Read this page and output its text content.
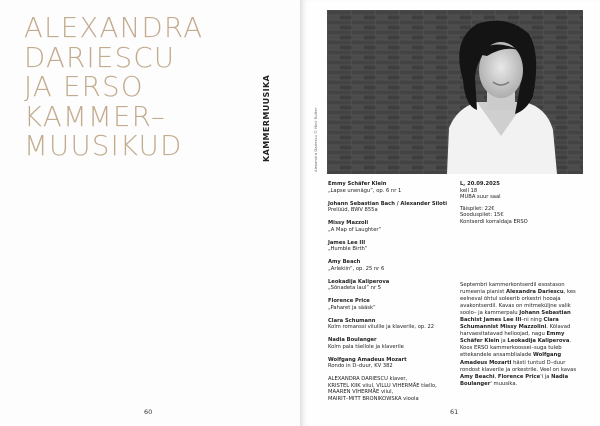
ALEXANDRA
DARIESCU
JA ERSO
KAMMER–
MUUSIKUD
60
KAMMERMUUSIKA	Alexandra Dariescu © Nick Rutter
Emmy Schäfer Klein
„Lapse unenägu“, op. 6 nr 1
Johann Sebastian Bach / Alexander Siloti
Prelüüd, BWV 855a
Missy Mazzoli
„A Map of Laughter“
James Lee III
„Humble Birth“
Amy Beach
„Arlekiin“, op. 25 nr 6
Leokadija Kaliperova
„Sõnadeta laul“ nr 5
Florence Price
„Paharet ja sääsk“
Clara Schumann
Kolm romanssi viiulile ja klaverile, op. 22
Nadia Boulanger
Kolm pala tšellole ja klaverile
Wolfgang Amadeus Mozart
Rondo in D–duur, KV 382
ALEXANDRA DARIESCU klaver,
KRISTEL KIIK viiul, VILLU VIHERMÄE tšello,
MAAREN VIHERMÄE viiul,
MAIRIT–MITT BRONIKOWSKA vioola
L, 20.09.2025
kell 18
MUBA suur saal
Täispilet: 22€
Sooduspilet: 15€
Kontserdi korraldaja ERSO
Septembri kammerkontserdil esostason rumeenia pianist Alexandra Dariescu, kes eelneval õhtul soleerib orkestri hooaja avakontserdil. Kavas on mitmeküljne valik soolo– ja kammerpalu Johann Sebastian Bachist James Lee III–ni ning Clara Schumannist Missy Mazzolini. Kõlavad harvaesitatavad helioojad, nagu Emmy Schäfer Klein ja Leokadija Kaliperova. Koos ERSO kammerkoossei–suga tuleb ettekandele ansamblialade Wolfgang Amadeus Mozarti hästi tuntud D–duur rondost klaverile ja orkestrile. Veel on kavas Amy Beachi, Florence Price'i ja Nadia Boulanger' muusika.
61
